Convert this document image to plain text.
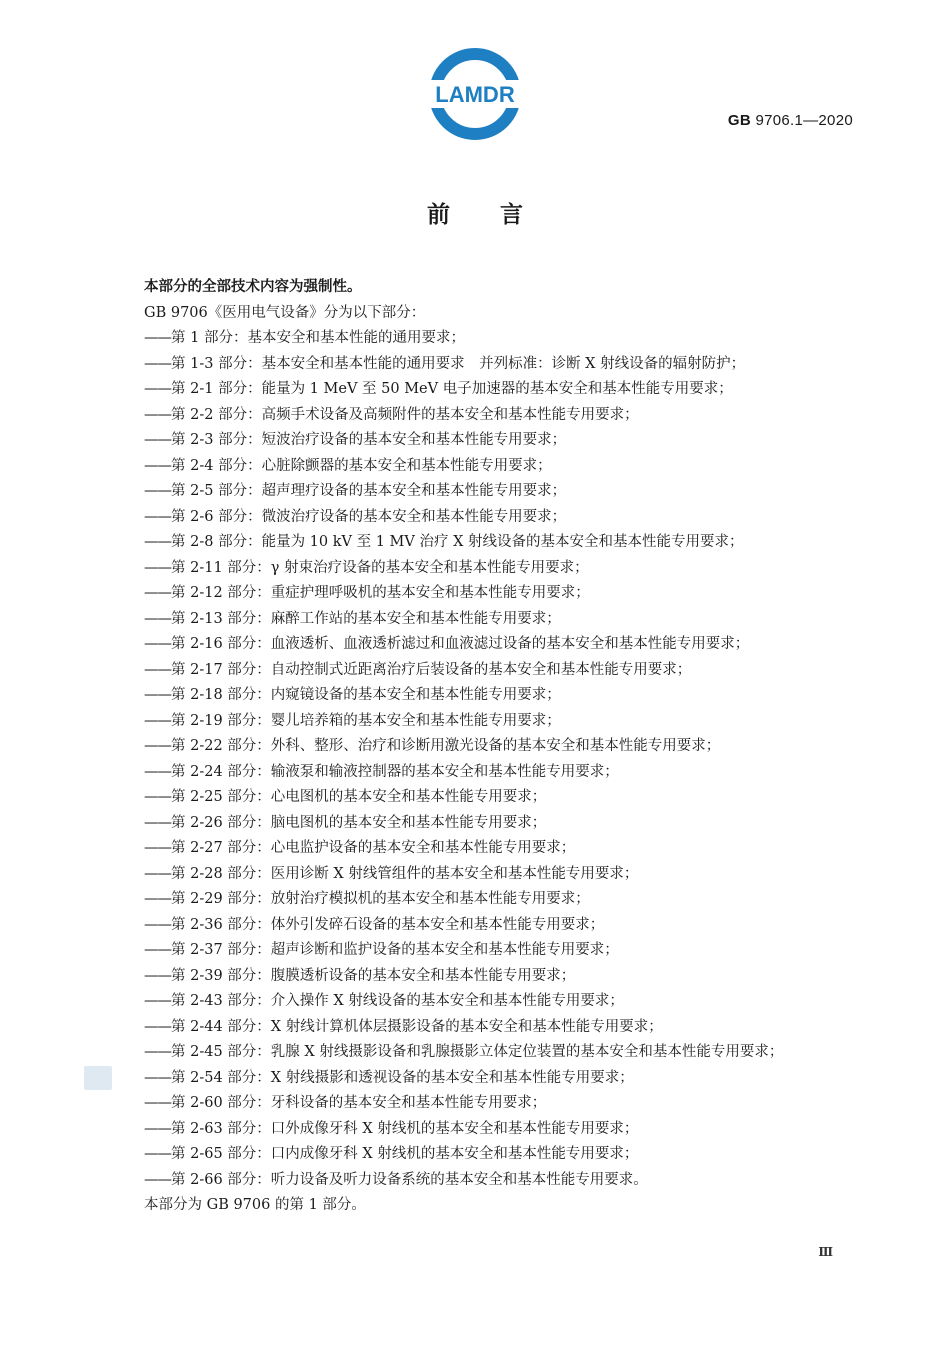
LAMDR
GB 9706.1—2020
前言
本部分的全部技术内容为强制性。
GB 9706《医用电气设备》分为以下部分：
——第 1 部分：基本安全和基本性能的通用要求；
——第 1-3 部分：基本安全和基本性能的通用要求　并列标准：诊断 X 射线设备的辐射防护；
——第 2-1 部分：能量为 1 MeV 至 50 MeV 电子加速器的基本安全和基本性能专用要求；
——第 2-2 部分：高频手术设备及高频附件的基本安全和基本性能专用要求；
——第 2-3 部分：短波治疗设备的基本安全和基本性能专用要求；
——第 2-4 部分：心脏除颤器的基本安全和基本性能专用要求；
——第 2-5 部分：超声理疗设备的基本安全和基本性能专用要求；
——第 2-6 部分：微波治疗设备的基本安全和基本性能专用要求；
——第 2-8 部分：能量为 10 kV 至 1 MV 治疗 X 射线设备的基本安全和基本性能专用要求；
——第 2-11 部分：γ 射束治疗设备的基本安全和基本性能专用要求；
——第 2-12 部分：重症护理呼吸机的基本安全和基本性能专用要求；
——第 2-13 部分：麻醉工作站的基本安全和基本性能专用要求；
——第 2-16 部分：血液透析、血液透析滤过和血液滤过设备的基本安全和基本性能专用要求；
——第 2-17 部分：自动控制式近距离治疗后装设备的基本安全和基本性能专用要求；
——第 2-18 部分：内窥镜设备的基本安全和基本性能专用要求；
——第 2-19 部分：婴儿培养箱的基本安全和基本性能专用要求；
——第 2-22 部分：外科、整形、治疗和诊断用激光设备的基本安全和基本性能专用要求；
——第 2-24 部分：输液泵和输液控制器的基本安全和基本性能专用要求；
——第 2-25 部分：心电图机的基本安全和基本性能专用要求；
——第 2-26 部分：脑电图机的基本安全和基本性能专用要求；
——第 2-27 部分：心电监护设备的基本安全和基本性能专用要求；
——第 2-28 部分：医用诊断 X 射线管组件的基本安全和基本性能专用要求；
——第 2-29 部分：放射治疗模拟机的基本安全和基本性能专用要求；
——第 2-36 部分：体外引发碎石设备的基本安全和基本性能专用要求；
——第 2-37 部分：超声诊断和监护设备的基本安全和基本性能专用要求；
——第 2-39 部分：腹膜透析设备的基本安全和基本性能专用要求；
——第 2-43 部分：介入操作 X 射线设备的基本安全和基本性能专用要求；
——第 2-44 部分：X 射线计算机体层摄影设备的基本安全和基本性能专用要求；
——第 2-45 部分：乳腺 X 射线摄影设备和乳腺摄影立体定位装置的基本安全和基本性能专用要求；
——第 2-54 部分：X 射线摄影和透视设备的基本安全和基本性能专用要求；
——第 2-60 部分：牙科设备的基本安全和基本性能专用要求；
——第 2-63 部分：口外成像牙科 X 射线机的基本安全和基本性能专用要求；
——第 2-65 部分：口内成像牙科 X 射线机的基本安全和基本性能专用要求；
——第 2-66 部分：听力设备及听力设备系统的基本安全和基本性能专用要求。
本部分为 GB 9706 的第 1 部分。
Ⅲ
